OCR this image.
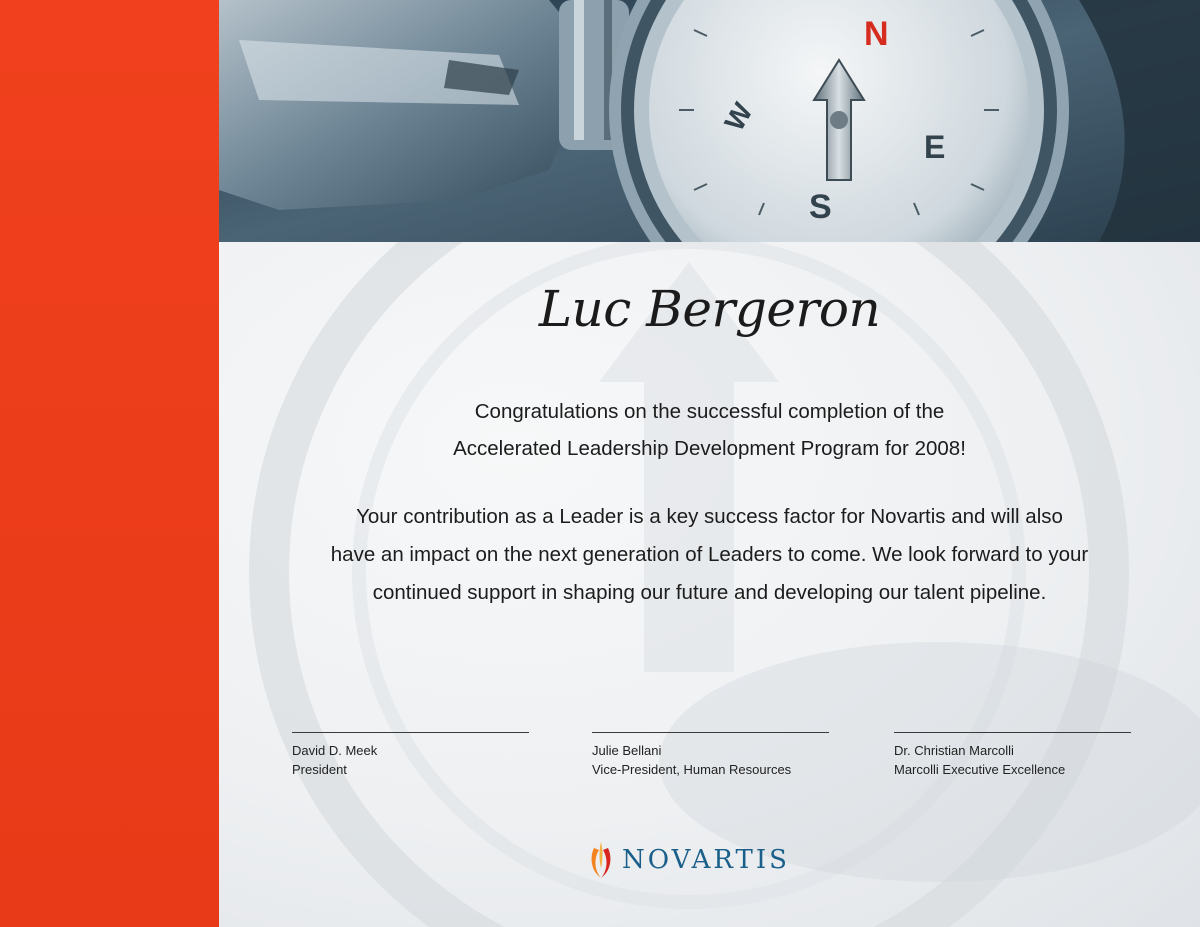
N
S
E
W
Luc Bergeron
Congratulations on the successful completion of the
Accelerated Leadership Development Program for 2008!
Your contribution as a Leader is a key success factor for Novartis and will also
have an impact on the next generation of Leaders to come. We look forward to your
continued support in shaping our future and developing our talent pipeline.
David D. Meek
President
Julie Bellani
Vice-President, Human Resources
Dr. Christian Marcolli
Marcolli Executive Excellence
NOVARTIS
